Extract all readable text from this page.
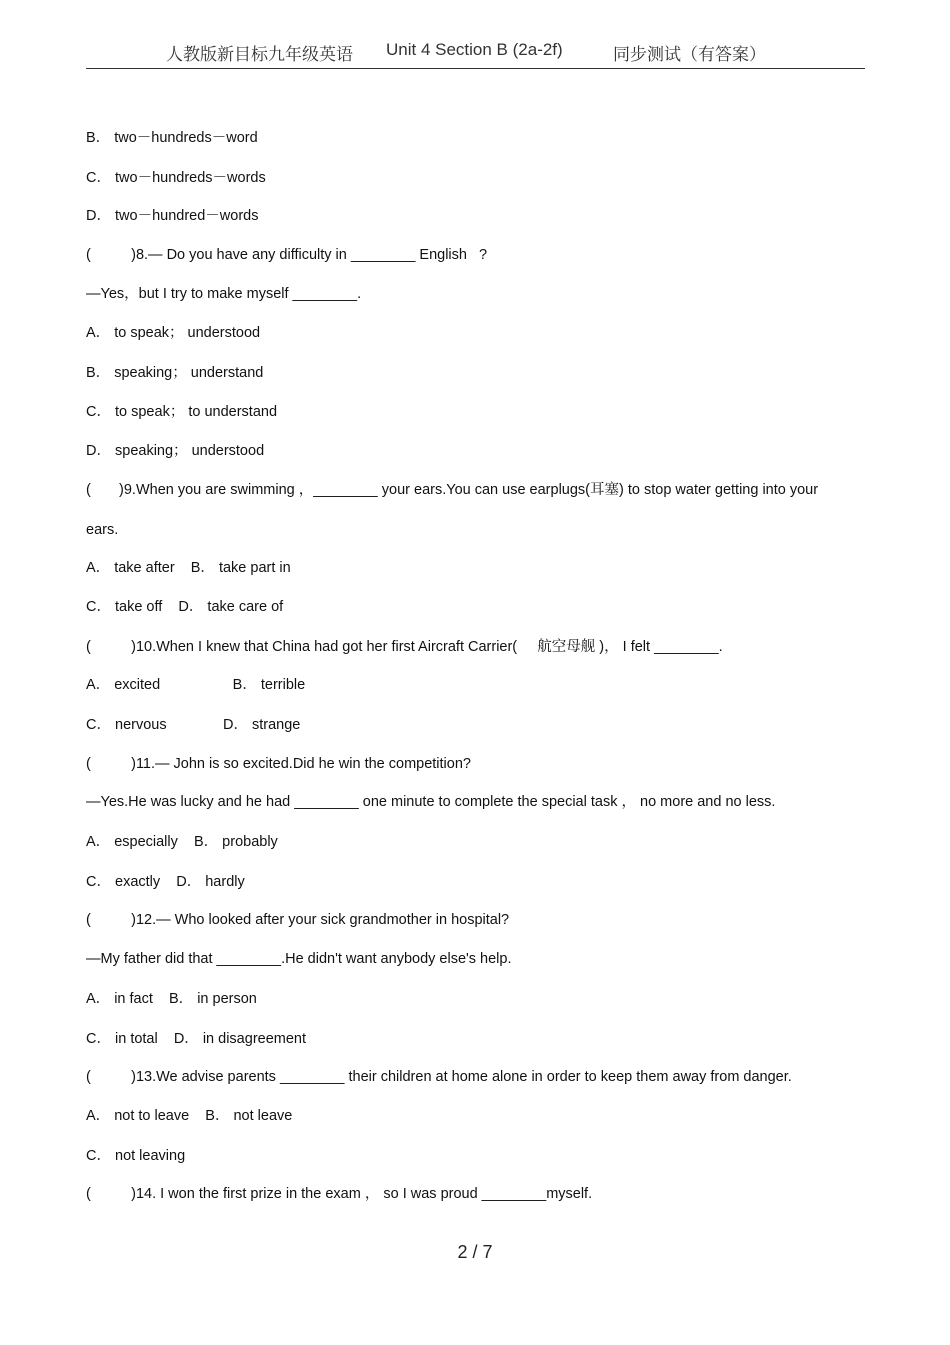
人教版新目标九年级英语 Unit 4 Section B (2a-2f)	同步测试（有答案）
B． two－hundreds－word
C． two－hundreds－words
D． two－hundred－words
(          )8.— Do you have any difficulty in ________ English   ?
—Yes，but I try to make myself ________.
A． to speak； understood
B． speaking； understand
C． to speak； to understand
D． speaking； understood
(       )9.When you are swimming ，________ your ears.You can use earplugs(耳塞) to stop water getting into your
ears.
A． take after    B． take part in
C． take off    D． take care of
(          )10.When I knew that China had got her first Aircraft Carrier(     航空母舰 )， I felt ________.
A． excited                  B． terrible
C． nervous              D． strange
(          )11.— John is so excited.Did he win the competition?
—Yes.He was lucky and he had ________ one minute to complete the special task ， no more and no less.
A． especially    B． probably
C． exactly    D． hardly
(          )12.— Who looked after your sick grandmother in hospital?
—My father did that ________.He didn't want anybody else's help.
A． in fact    B． in person
C． in total    D． in disagreement
(          )13.We advise parents ________ their children at home alone in order to keep them away from danger.
A． not to leave    B． not leave
C． not leaving
(          )14. I won the first prize in the exam ， so I was proud ________myself.
2 / 7
